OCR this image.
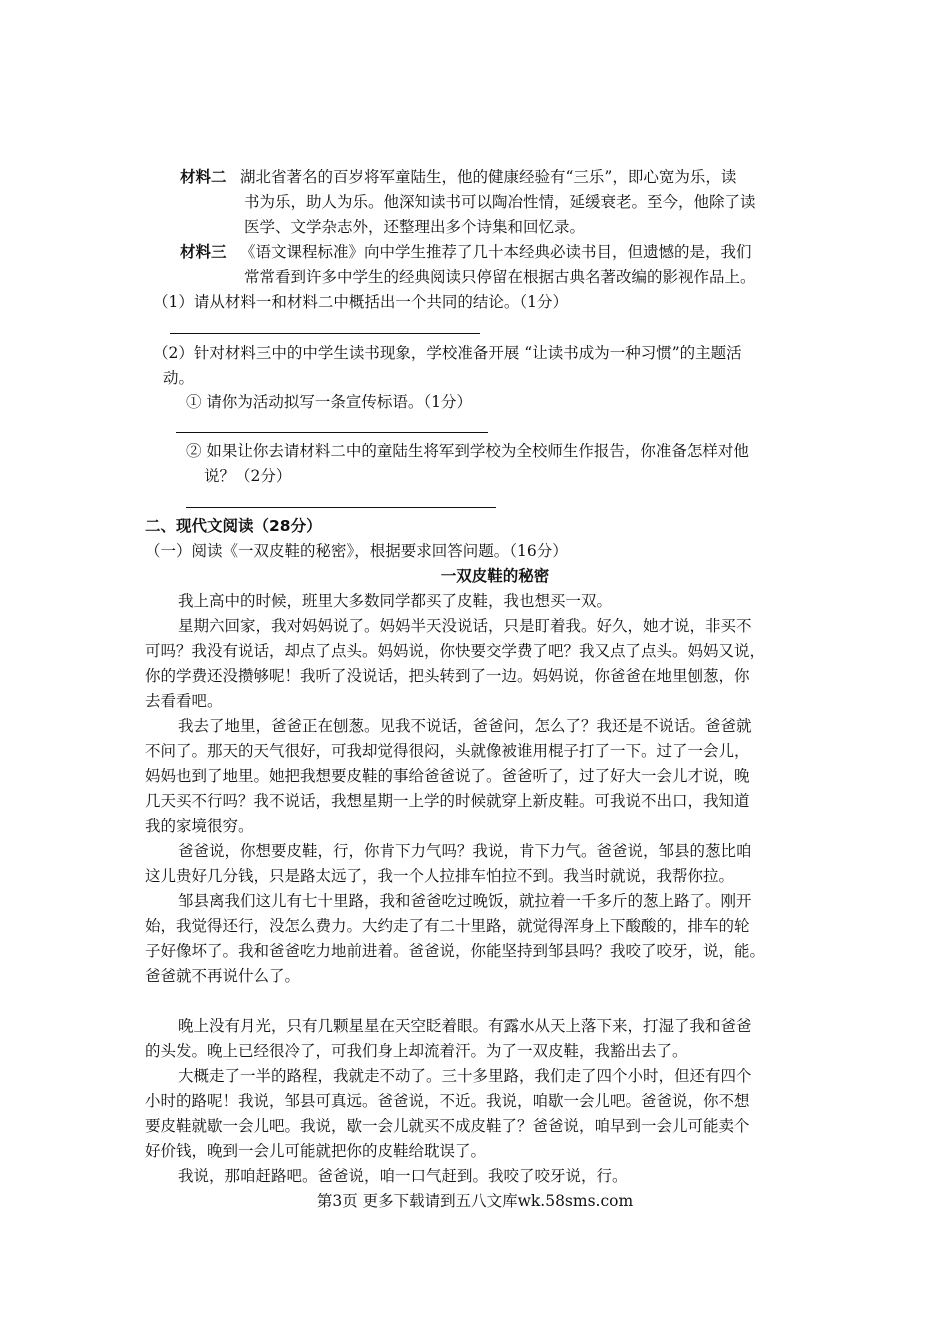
材料二 湖北省著名的百岁将军童陆生，他的健康经验有“三乐”，即心宽为乐，读
书为乐，助人为乐。他深知读书可以陶冶性情，延缓衰老。至今，他除了读
医学、文学杂志外，还整理出多个诗集和回忆录。
材料三 《语文课程标准》向中学生推荐了几十本经典必读书目，但遗憾的是，我们
常常看到许多中学生的经典阅读只停留在根据古典名著改编的影视作品上。
（1）请从材料一和材料二中概括出一个共同的结论。（1分）
（2）针对材料三中的中学生读书现象，学校准备开展 “让读书成为一种习惯”的主题活
动。
① 请你为活动拟写一条宣传标语。（1分）
② 如果让你去请材料二中的童陆生将军到学校为全校师生作报告，你准备怎样对他
说？（2分）
二、现代文阅读（28分）
（一）阅读《一双皮鞋的秘密》，根据要求回答问题。（16分）
一双皮鞋的秘密
我上高中的时候，班里大多数同学都买了皮鞋，我也想买一双。
星期六回家，我对妈妈说了。妈妈半天没说话，只是盯着我。好久，她才说，非买不
可吗？我没有说话，却点了点头。妈妈说，你快要交学费了吧？我又点了点头。妈妈又说，
你的学费还没攒够呢！我听了没说话，把头转到了一边。妈妈说，你爸爸在地里刨葱，你
去看看吧。
我去了地里，爸爸正在刨葱。见我不说话，爸爸问，怎么了？我还是不说话。爸爸就
不问了。那天的天气很好，可我却觉得很闷，头就像被谁用棍子打了一下。过了一会儿，
妈妈也到了地里。她把我想要皮鞋的事给爸爸说了。爸爸听了，过了好大一会儿才说，晚
几天买不行吗？我不说话，我想星期一上学的时候就穿上新皮鞋。可我说不出口，我知道
我的家境很穷。
爸爸说，你想要皮鞋，行，你肯下力气吗？我说，肯下力气。爸爸说，邹县的葱比咱
这儿贵好几分钱，只是路太远了，我一个人拉排车怕拉不到。我当时就说，我帮你拉。
邹县离我们这儿有七十里路，我和爸爸吃过晚饭，就拉着一千多斤的葱上路了。刚开
始，我觉得还行，没怎么费力。大约走了有二十里路，就觉得浑身上下酸酸的，排车的轮
子好像坏了。我和爸爸吃力地前进着。爸爸说，你能坚持到邹县吗？我咬了咬牙，说，能。
爸爸就不再说什么了。
晚上没有月光，只有几颗星星在天空眨着眼。有露水从天上落下来，打湿了我和爸爸
的头发。晚上已经很冷了，可我们身上却流着汗。为了一双皮鞋，我豁出去了。
大概走了一半的路程，我就走不动了。三十多里路，我们走了四个小时，但还有四个
小时的路呢！我说，邹县可真远。爸爸说，不近。我说，咱歇一会儿吧。爸爸说，你不想
要皮鞋就歇一会儿吧。我说，歇一会儿就买不成皮鞋了？爸爸说，咱早到一会儿可能卖个
好价钱，晚到一会儿可能就把你的皮鞋给耽误了。
我说，那咱赶路吧。爸爸说，咱一口气赶到。我咬了咬牙说，行。
第3页 更多下载请到五八文库wk.58sms.com
